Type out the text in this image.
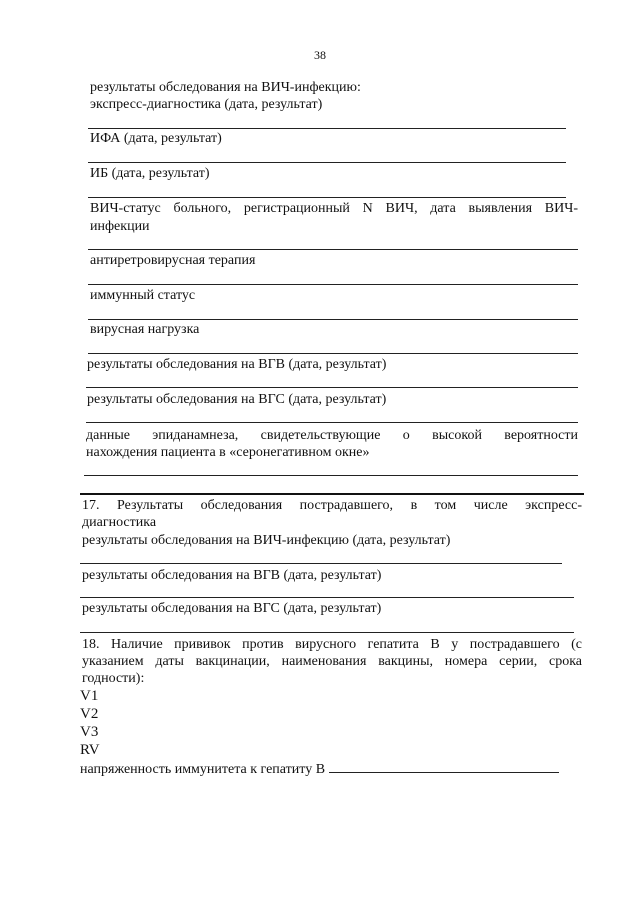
38
результаты обследования на ВИЧ-инфекцию:
экспресс-диагностика (дата, результат)
ИФА (дата, результат)
ИБ (дата, результат)
ВИЧ-статус больного, регистрационный N ВИЧ, дата выявления ВИЧ-
инфекции
антиретровирусная терапия
иммунный статус
вирусная нагрузка
результаты обследования на ВГВ (дата, результат)
результаты обследования на ВГС (дата, результат)
данные эпиданамнеза, свидетельствующие о высокой вероятности
нахождения пациента в «серонегативном окне»
17. Результаты обследования пострадавшего, в том числе экспресс-
диагностика
результаты обследования на ВИЧ-инфекцию (дата, результат)
результаты обследования на ВГВ (дата, результат)
результаты обследования на ВГС (дата, результат)
18. Наличие прививок против вирусного гепатита В у пострадавшего (с
указанием даты вакцинации, наименования вакцины, номера серии, срока
годности):
V1
V2
V3
RV
напряженность иммунитета к гепатиту В
